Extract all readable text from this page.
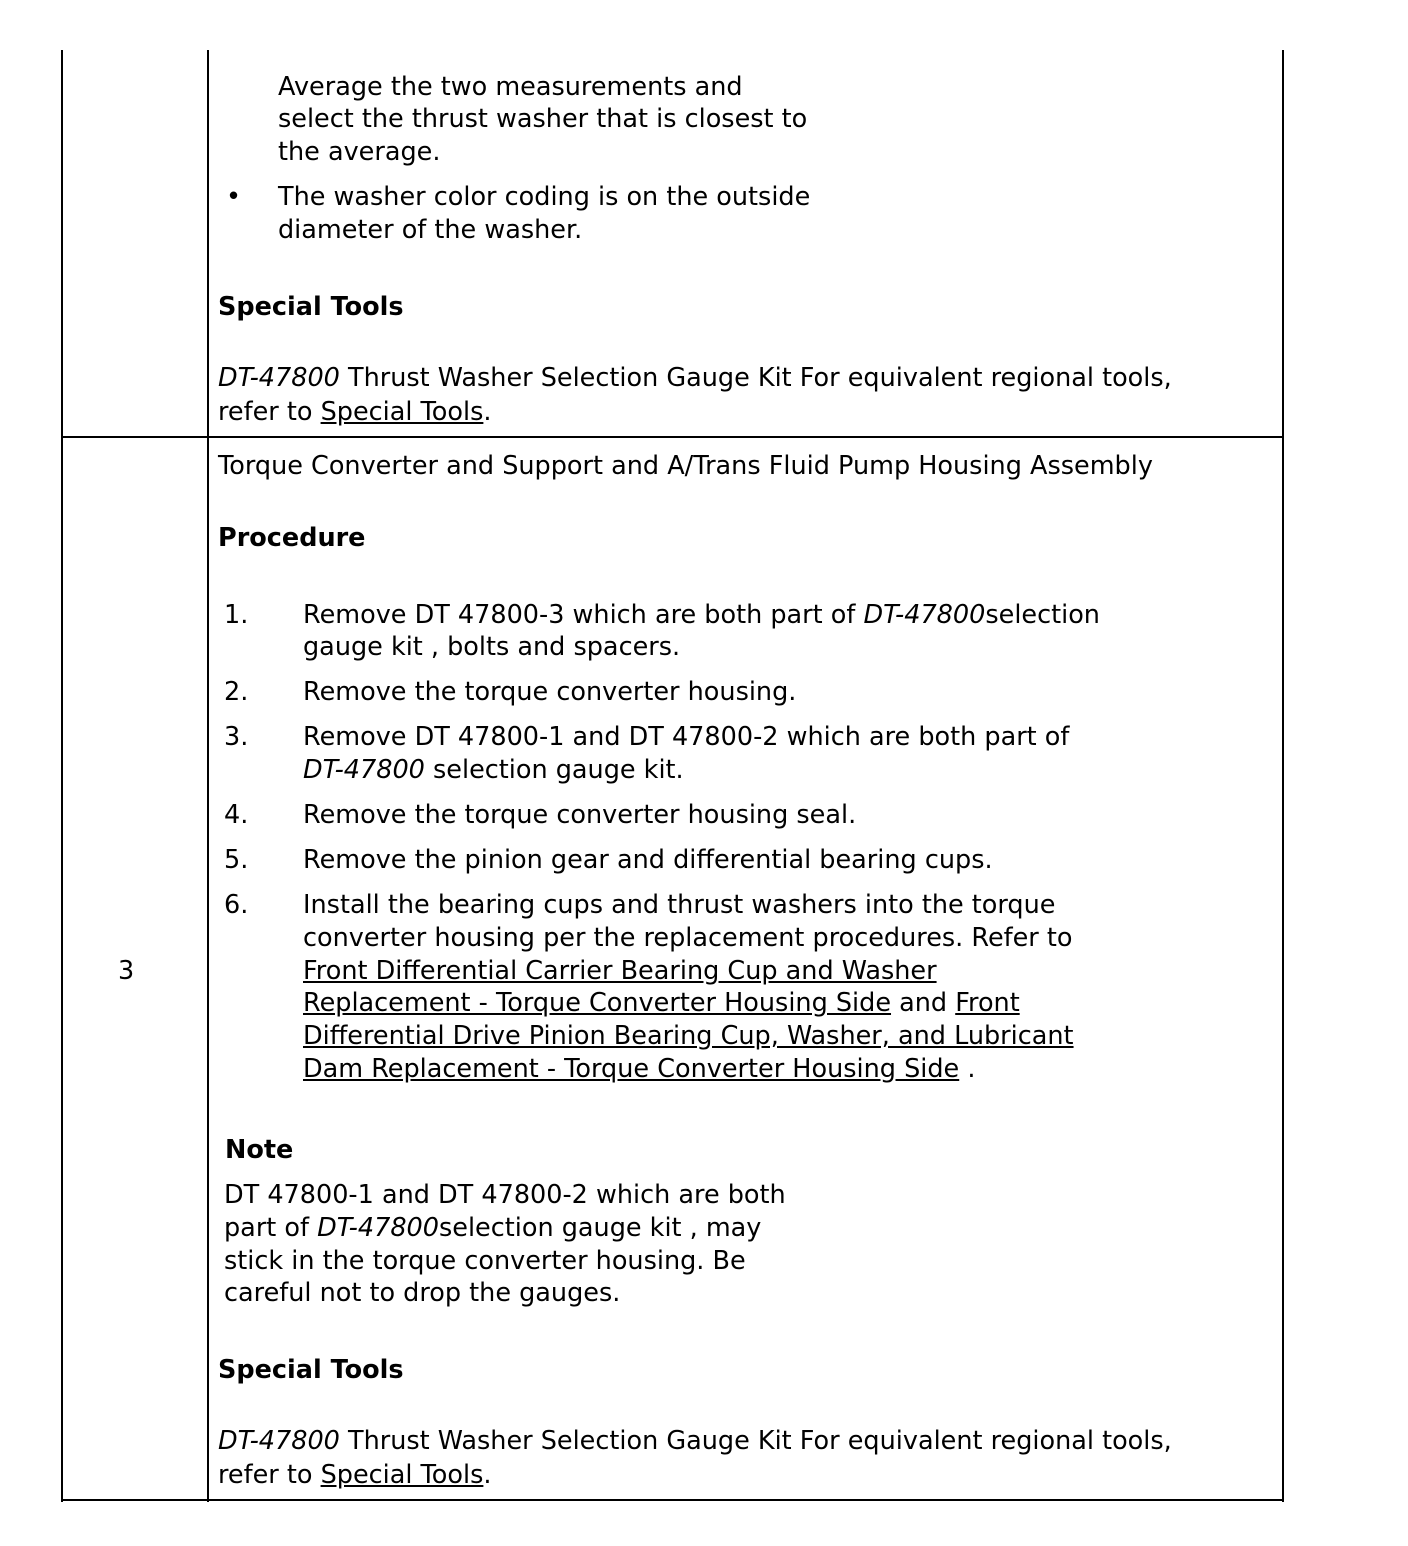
Average the two measurements and
select the thrust washer that is closest to
the average.
• The washer color coding is on the outside
diameter of the washer.
Special Tools
DT-47800 Thrust Washer Selection Gauge Kit For equivalent regional tools,
refer to Special Tools.
3
Torque Converter and Support and A/Trans Fluid Pump Housing Assembly
Procedure
1. Remove DT 47800-3 which are both part of DT-47800selection
gauge kit , bolts and spacers.
2. Remove the torque converter housing.
3. Remove DT 47800-1 and DT 47800-2 which are both part of
DT-47800 selection gauge kit.
4. Remove the torque converter housing seal.
5. Remove the pinion gear and differential bearing cups.
6. Install the bearing cups and thrust washers into the torque
converter housing per the replacement procedures. Refer to
Front Differential Carrier Bearing Cup and Washer
Replacement - Torque Converter Housing Side and Front
Differential Drive Pinion Bearing Cup, Washer, and Lubricant
Dam Replacement - Torque Converter Housing Side .
Note
DT 47800-1 and DT 47800-2 which are both
part of DT-47800selection gauge kit , may
stick in the torque converter housing. Be
careful not to drop the gauges.
Special Tools
DT-47800 Thrust Washer Selection Gauge Kit For equivalent regional tools,
refer to Special Tools.
